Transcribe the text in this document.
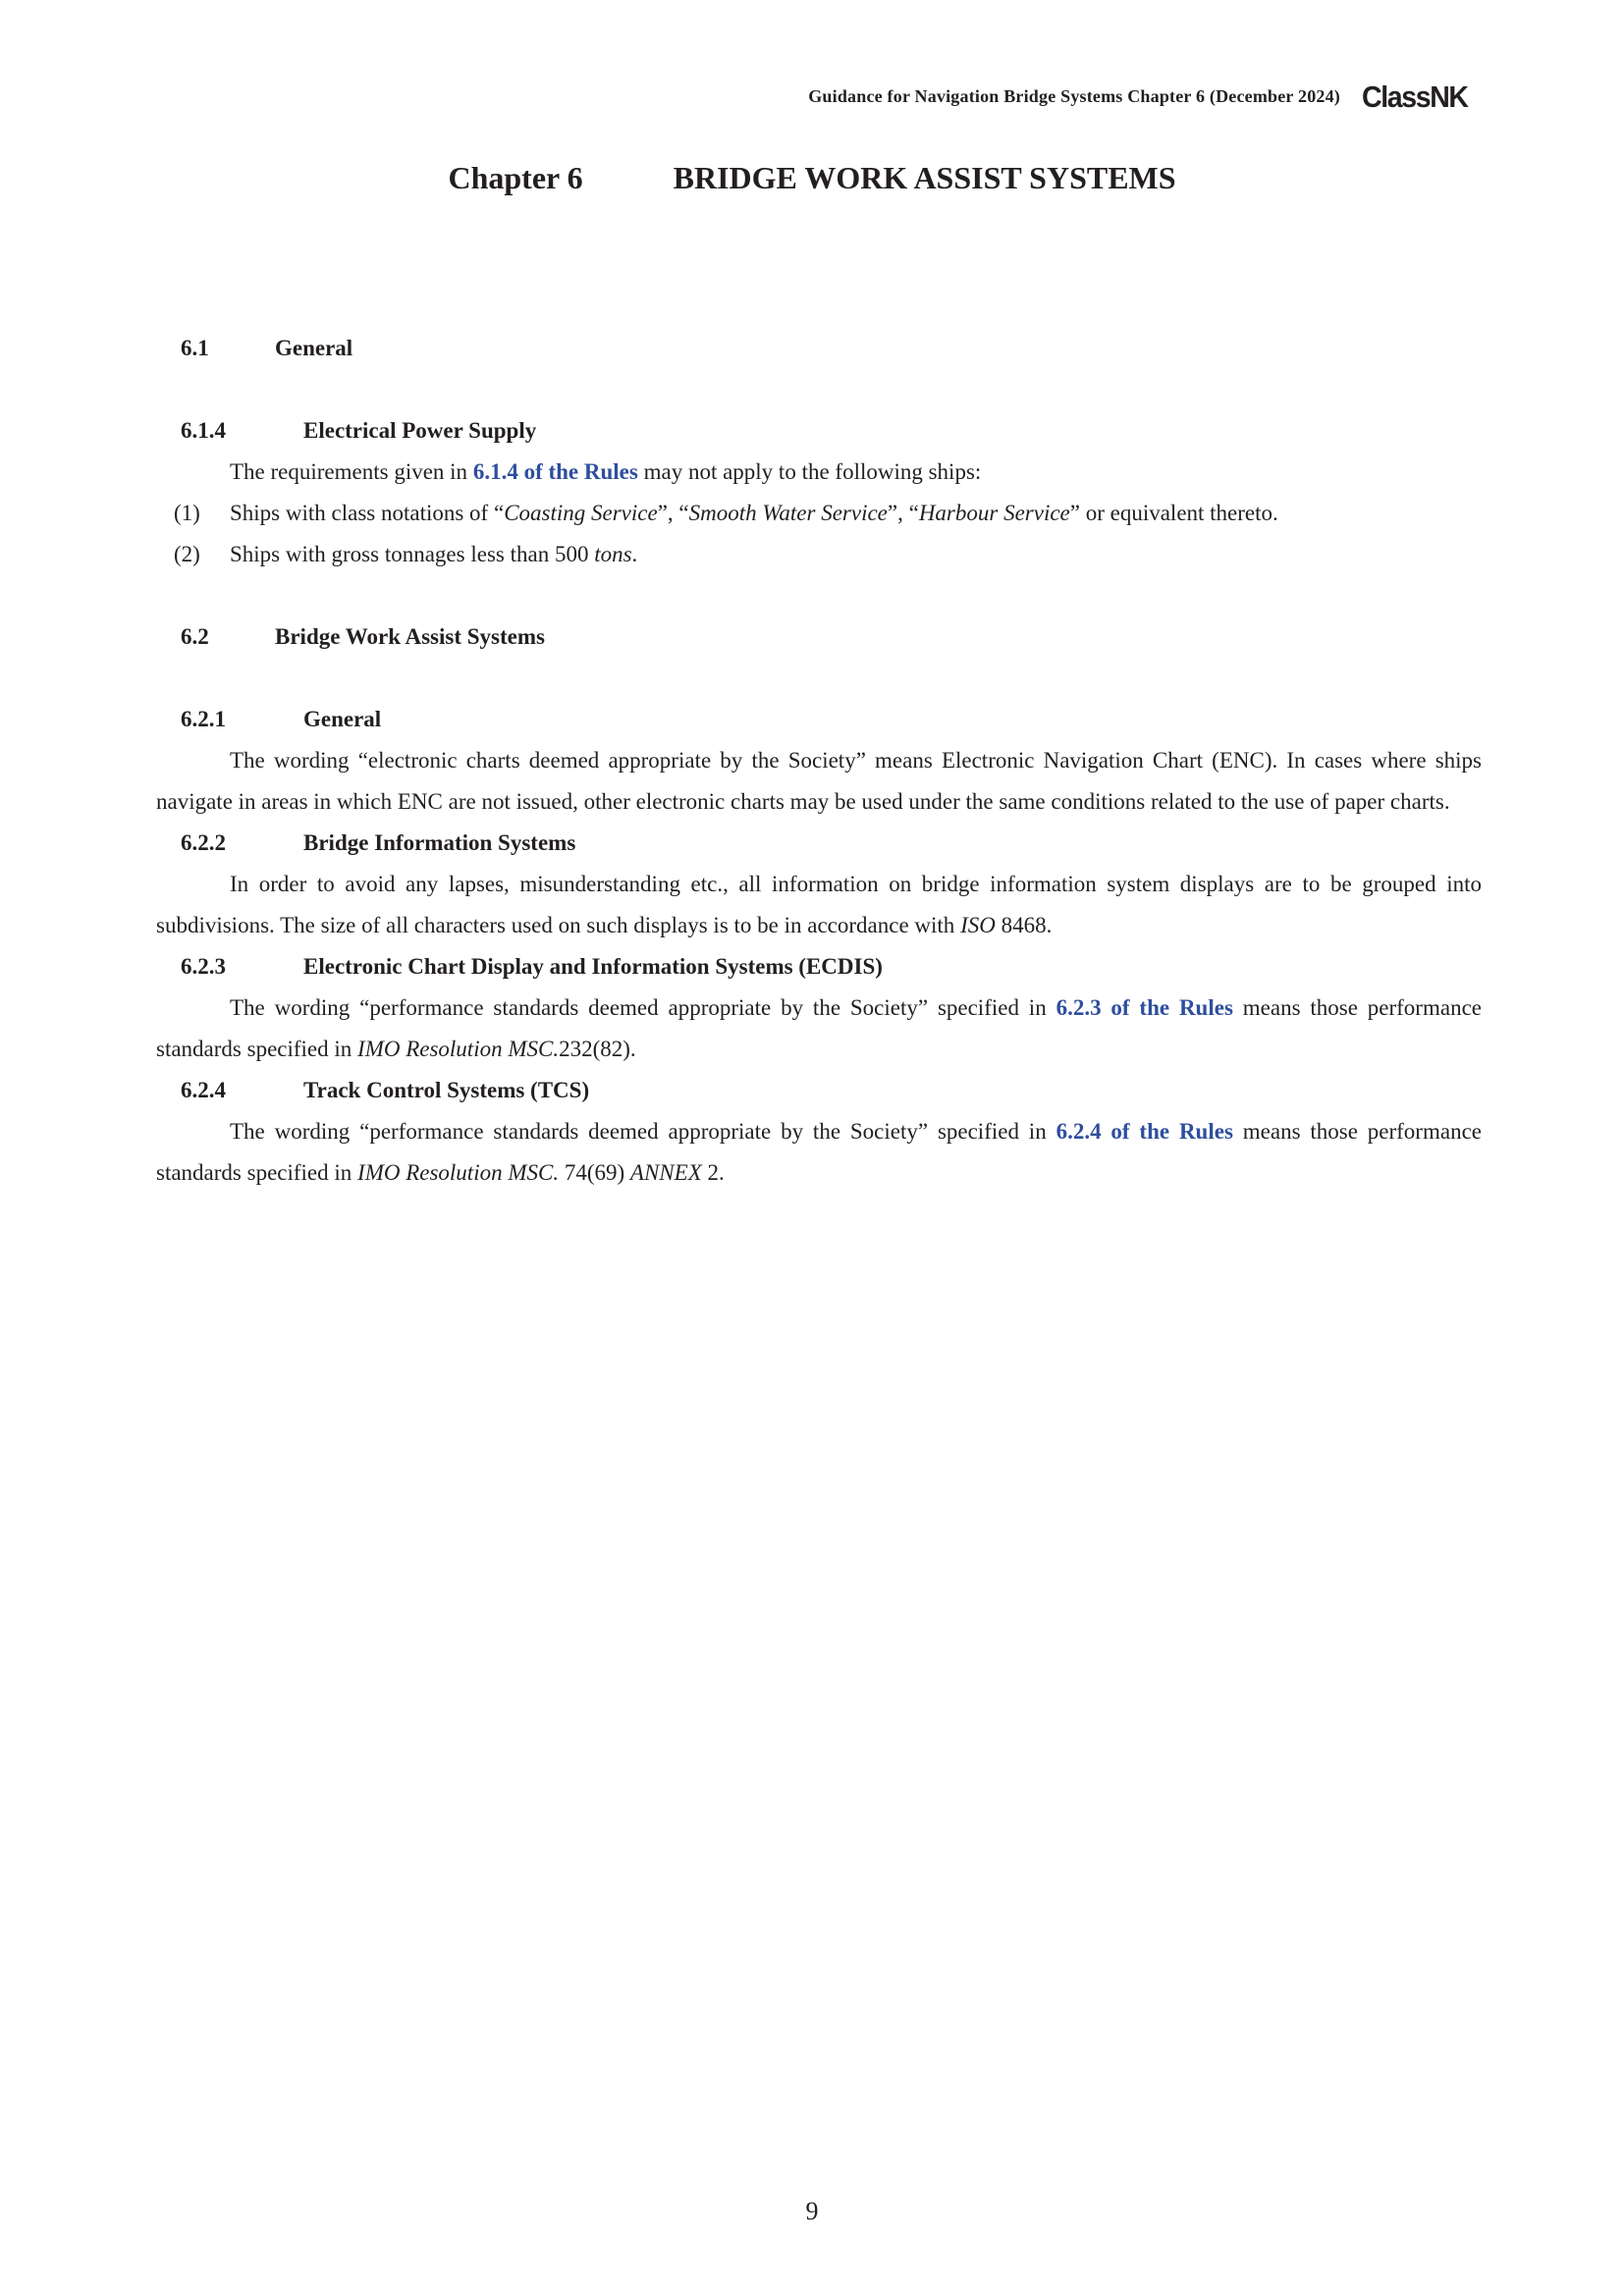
Guidance for Navigation Bridge Systems Chapter 6 (December 2024) ClassNK
Chapter 6	BRIDGE WORK ASSIST SYSTEMS
6.1	General
6.1.4	Electrical Power Supply
The requirements given in 6.1.4 of the Rules may not apply to the following ships:
(1)	Ships with class notations of “Coasting Service”, “Smooth Water Service”, “Harbour Service” or equivalent thereto.
(2)	Ships with gross tonnages less than 500 tons.
6.2	Bridge Work Assist Systems
6.2.1	General
The wording “electronic charts deemed appropriate by the Society” means Electronic Navigation Chart (ENC). In cases where ships navigate in areas in which ENC are not issued, other electronic charts may be used under the same conditions related to the use of paper charts.
6.2.2	Bridge Information Systems
In order to avoid any lapses, misunderstanding etc., all information on bridge information system displays are to be grouped into subdivisions. The size of all characters used on such displays is to be in accordance with ISO 8468.
6.2.3	Electronic Chart Display and Information Systems (ECDIS)
The wording “performance standards deemed appropriate by the Society” specified in 6.2.3 of the Rules means those performance standards specified in IMO Resolution MSC.232(82).
6.2.4	Track Control Systems (TCS)
The wording “performance standards deemed appropriate by the Society” specified in 6.2.4 of the Rules means those performance standards specified in IMO Resolution MSC. 74(69) ANNEX 2.
9
